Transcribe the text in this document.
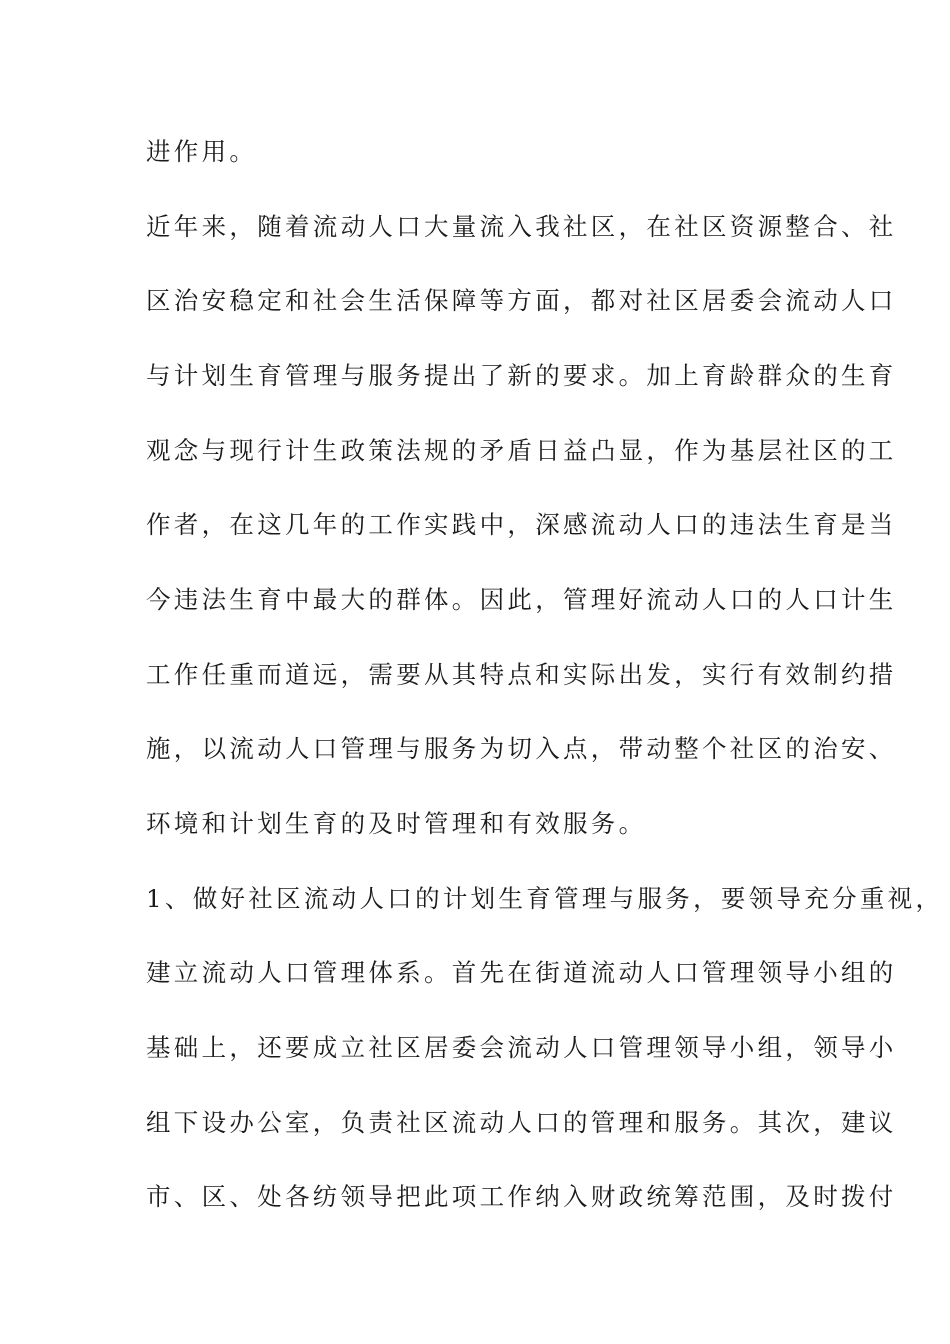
进作用。
近年来，随着流动人口大量流入我社区，在社区资源整合、社
区治安稳定和社会生活保障等方面，都对社区居委会流动人口
与计划生育管理与服务提出了新的要求。加上育龄群众的生育
观念与现行计生政策法规的矛盾日益凸显，作为基层社区的工
作者，在这几年的工作实践中，深感流动人口的违法生育是当
今违法生育中最大的群体。因此，管理好流动人口的人口计生
工作任重而道远，需要从其特点和实际出发，实行有效制约措
施，以流动人口管理与服务为切入点，带动整个社区的治安、
环境和计划生育的及时管理和有效服务。
1、做好社区流动人口的计划生育管理与服务，要领导充分重视，
建立流动人口管理体系。首先在街道流动人口管理领导小组的
基础上，还要成立社区居委会流动人口管理领导小组，领导小
组下设办公室，负责社区流动人口的管理和服务。其次，建议
市、区、处各纺领导把此项工作纳入财政统筹范围，及时拨付
